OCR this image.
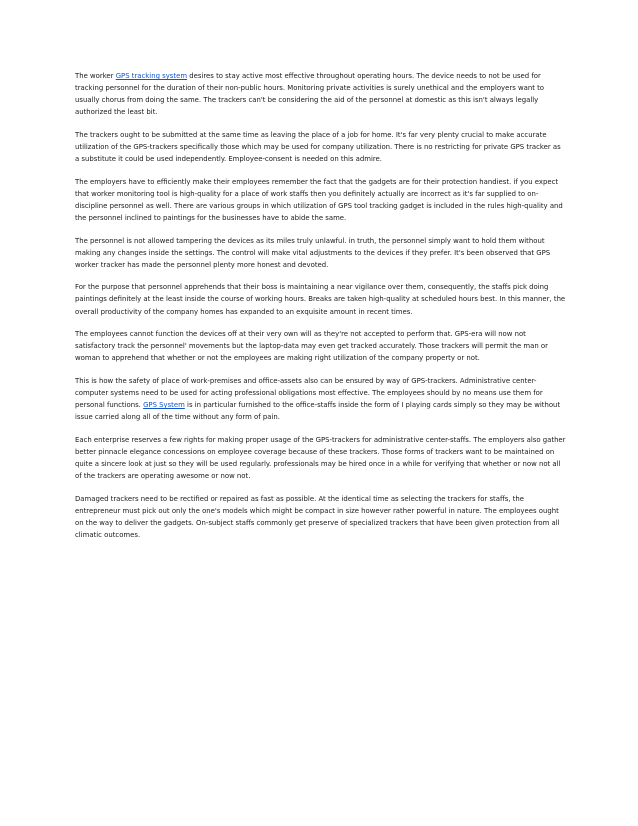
The worker GPS tracking system desires to stay active most effective throughout operating hours. The device needs to not be used for tracking personnel for the duration of their non-public hours. Monitoring private activities is surely unethical and the employers want to usually chorus from doing the same. The trackers can't be considering the aid of the personnel at domestic as this isn't always legally authorized the least bit.

The trackers ought to be submitted at the same time as leaving the place of a job for home. It's far very plenty crucial to make accurate utilization of the GPS-trackers specifically those which may be used for company utilization. There is no restricting for private GPS tracker as a substitute it could be used independently. Employee-consent is needed on this admire.

The employers have to efficiently make their employees remember the fact that the gadgets are for their protection handiest. if you expect that worker monitoring tool is high-quality for a place of work staffs then you definitely actually are incorrect as it's far supplied to on-discipline personnel as well. There are various groups in which utilization of GPS tool tracking gadget is included in the rules high-quality and the personnel inclined to paintings for the businesses have to abide the same.

The personnel is not allowed tampering the devices as its miles truly unlawful. in truth, the personnel simply want to hold them without making any changes inside the settings. The control will make vital adjustments to the devices if they prefer. It's been observed that GPS worker tracker has made the personnel plenty more honest and devoted.

For the purpose that personnel apprehends that their boss is maintaining a near vigilance over them, consequently, the staffs pick doing paintings definitely at the least inside the course of working hours. Breaks are taken high-quality at scheduled hours best. In this manner, the overall productivity of the company homes has expanded to an exquisite amount in recent times.

The employees cannot function the devices off at their very own will as they're not accepted to perform that. GPS-era will now not satisfactory track the personnel' movements but the laptop-data may even get tracked accurately. Those trackers will permit the man or woman to apprehend that whether or not the employees are making right utilization of the company property or not.

This is how the safety of place of work-premises and office-assets also can be ensured by way of GPS-trackers. Administrative center-computer systems need to be used for acting professional obligations most effective. The employees should by no means use them for personal functions. GPS System is in particular furnished to the office-staffs inside the form of I playing cards simply so they may be without issue carried along all of the time without any form of pain.

Each enterprise reserves a few rights for making proper usage of the GPS-trackers for administrative center-staffs. The employers also gather better pinnacle elegance concessions on employee coverage because of these trackers. Those forms of trackers want to be maintained on quite a sincere look at just so they will be used regularly. professionals may be hired once in a while for verifying that whether or now not all of the trackers are operating awesome or now not.

Damaged trackers need to be rectified or repaired as fast as possible. At the identical time as selecting the trackers for staffs, the entrepreneur must pick out only the one's models which might be compact in size however rather powerful in nature. The employees ought on the way to deliver the gadgets. On-subject staffs commonly get preserve of specialized trackers that have been given protection from all climatic outcomes.
